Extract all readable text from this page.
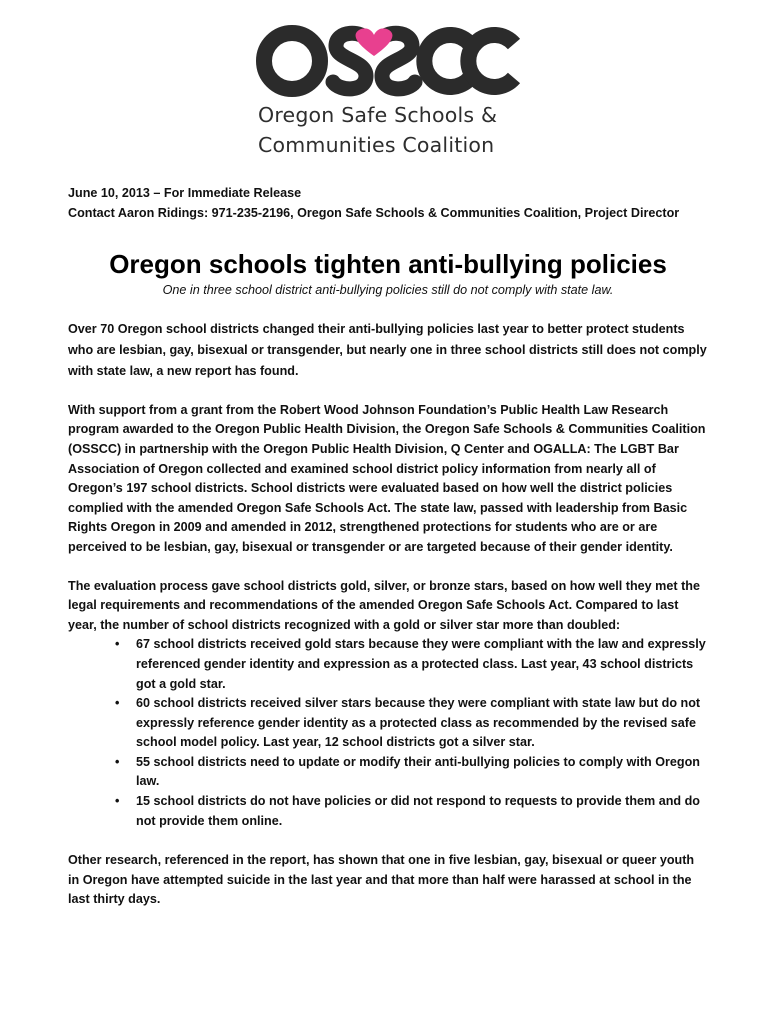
Oregon Safe Schools &
Communities Coalition
June 10, 2013 – For Immediate Release
Contact Aaron Ridings: 971-235-2196, Oregon Safe Schools & Communities Coalition, Project Director
Oregon schools tighten anti-bullying policies
One in three school district anti-bullying policies still do not comply with state law.

Over 70 Oregon school districts changed their anti-bullying policies last year to better protect students who are lesbian, gay, bisexual or transgender, but nearly one in three school districts still does not comply with state law, a new report has found.

With support from a grant from the Robert Wood Johnson Foundation’s Public Health Law Research program awarded to the Oregon Public Health Division, the Oregon Safe Schools & Communities Coalition (OSSCC) in partnership with the Oregon Public Health Division, Q Center and OGALLA: The LGBT Bar Association of Oregon collected and examined school district policy information from nearly all of Oregon’s 197 school districts. School districts were evaluated based on how well the district policies complied with the amended Oregon Safe Schools Act. The state law, passed with leadership from Basic Rights Oregon in 2009 and amended in 2012, strengthened protections for students who are or are perceived to be lesbian, gay, bisexual or transgender or are targeted because of their gender identity.

The evaluation process gave school districts gold, silver, or bronze stars, based on how well they met the legal requirements and recommendations of the amended Oregon Safe Schools Act. Compared to last year, the number of school districts recognized with a gold or silver star more than doubled:

• 67 school districts received gold stars because they were compliant with the law and expressly referenced gender identity and expression as a protected class. Last year, 43 school districts got a gold star.
• 60 school districts received silver stars because they were compliant with state law but do not expressly reference gender identity as a protected class as recommended by the revised safe school model policy. Last year, 12 school districts got a silver star.
• 55 school districts need to update or modify their anti-bullying policies to comply with Oregon law.
• 15 school districts do not have policies or did not respond to requests to provide them and do not provide them online.

Other research, referenced in the report, has shown that one in five lesbian, gay, bisexual or queer youth in Oregon have attempted suicide in the last year and that more than half were harassed at school in the last thirty days.
